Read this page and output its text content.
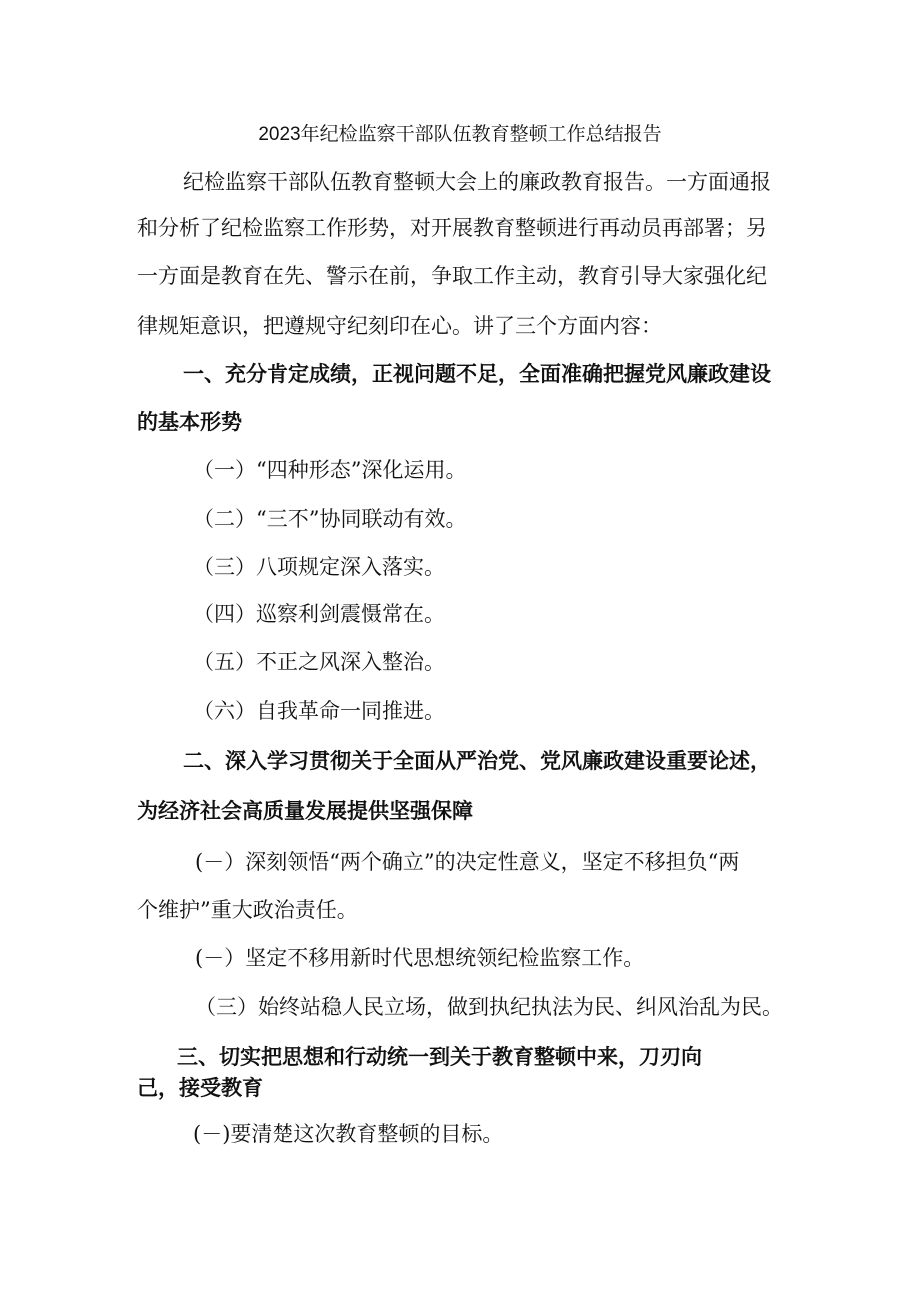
2023年纪检监察干部队伍教育整顿工作总结报告
纪检监察干部队伍教育整顿大会上的廉政教育报告。一方面通报
和分析了纪检监察工作形势，对开展教育整顿进行再动员再部署；另
一方面是教育在先、警示在前，争取工作主动，教育引导大家强化纪
律规矩意识，把遵规守纪刻印在心。讲了三个方面内容：
一、充分肯定成绩，正视问题不足，全面准确把握党风廉政建设
的基本形势
（一）“四种形态”深化运用。
（二）“三不”协同联动有效。
（三）八项规定深入落实。
（四）巡察利剑震慑常在。
（五）不正之风深入整治。
（六）自我革命一同推进。
二、深入学习贯彻关于全面从严治党、党风廉政建设重要论述，
为经济社会高质量发展提供坚强保障
(－）深刻领悟“两个确立”的决定性意义，坚定不移担负“两
个维护”重大政治责任。
(－）坚定不移用新时代思想统领纪检监察工作。
（三）始终站稳人民立场，做到执纪执法为民、纠风治乱为民。
三、切实把思想和行动统一到关于教育整顿中来，刀刃向
己，接受教育
(－)要清楚这次教育整顿的目标。
